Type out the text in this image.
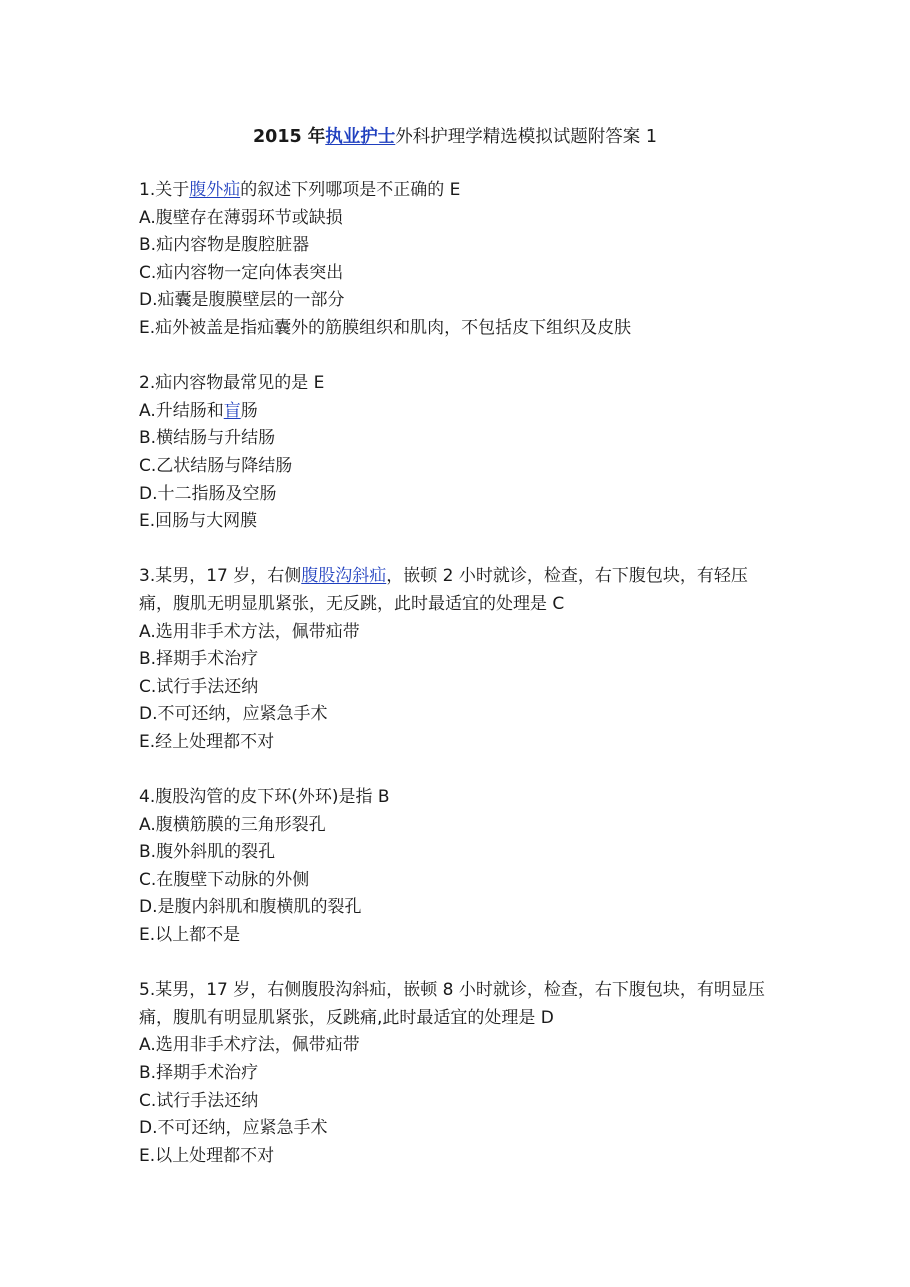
2015 年执业护士外科护理学精选模拟试题附答案 1

1.关于腹外疝的叙述下列哪项是不正确的 E

A.腹壁存在薄弱环节或缺损

B.疝内容物是腹腔脏器

C.疝内容物一定向体表突出

D.疝囊是腹膜壁层的一部分

E.疝外被盖是指疝囊外的筋膜组织和肌肉，不包括皮下组织及皮肤

2.疝内容物最常见的是 E

A.升结肠和盲肠

B.横结肠与升结肠

C.乙状结肠与降结肠

D.十二指肠及空肠

E.回肠与大网膜

3.某男，17 岁，右侧腹股沟斜疝，嵌顿 2 小时就诊，检查，右下腹包块，有轻压痛，腹肌无明显肌紧张，无反跳，此时最适宜的处理是 C

A.选用非手术方法，佩带疝带

B.择期手术治疗

C.试行手法还纳

D.不可还纳，应紧急手术

E.经上处理都不对

4.腹股沟管的皮下环(外环)是指 B

A.腹横筋膜的三角形裂孔

B.腹外斜肌的裂孔

C.在腹壁下动脉的外侧

D.是腹内斜肌和腹横肌的裂孔

E.以上都不是

5.某男，17 岁，右侧腹股沟斜疝，嵌顿 8 小时就诊，检查，右下腹包块，有明显压痛，腹肌有明显肌紧张，反跳痛,此时最适宜的处理是 D

A.选用非手术疗法，佩带疝带

B.择期手术治疗

C.试行手法还纳

D.不可还纳，应紧急手术

E.以上处理都不对
